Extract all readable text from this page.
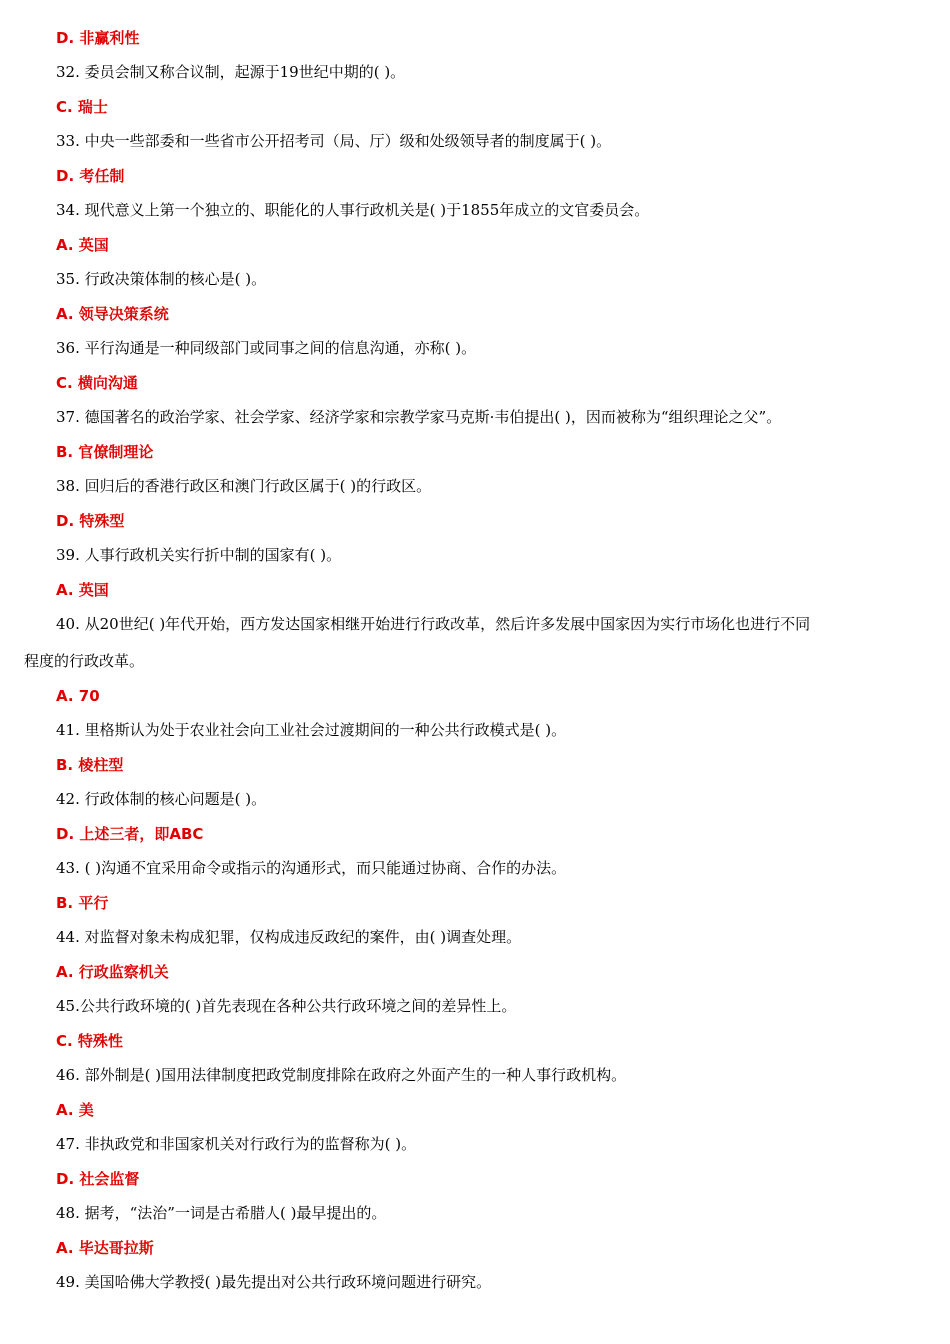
D. 非赢利性
32. 委员会制又称合议制，起源于19世纪中期的( )。
C. 瑞士
33. 中央一些部委和一些省市公开招考司（局、厅）级和处级领导者的制度属于( )。
D. 考任制
34. 现代意义上第一个独立的、职能化的人事行政机关是( )于1855年成立的文官委员会。
A. 英国
35. 行政决策体制的核心是( )。
A. 领导决策系统
36. 平行沟通是一种同级部门或同事之间的信息沟通，亦称( )。
C. 横向沟通
37. 德国著名的政治学家、社会学家、经济学家和宗教学家马克斯·韦伯提出( )，因而被称为“组织理论之父”。
B. 官僚制理论
38. 回归后的香港行政区和澳门行政区属于( )的行政区。
D. 特殊型
39. 人事行政机关实行折中制的国家有( )。
A. 英国
40. 从20世纪( )年代开始，西方发达国家相继开始进行行政改革，然后许多发展中国家因为实行市场化也进行不同
程度的行政改革。
A. 70
41. 里格斯认为处于农业社会向工业社会过渡期间的一种公共行政模式是( )。
B. 棱柱型
42. 行政体制的核心问题是( )。
D. 上述三者，即ABC
43. ( )沟通不宜采用命令或指示的沟通形式，而只能通过协商、合作的办法。
B. 平行
44. 对监督对象未构成犯罪，仅构成违反政纪的案件，由( )调查处理。
A. 行政监察机关
45.公共行政环境的( )首先表现在各种公共行政环境之间的差异性上。
C. 特殊性
46. 部外制是( )国用法律制度把政党制度排除在政府之外面产生的一种人事行政机构。
A. 美
47. 非执政党和非国家机关对行政行为的监督称为( )。
D. 社会监督
48. 据考，“法治”一词是古希腊人( )最早提出的。
A. 毕达哥拉斯
49. 美国哈佛大学教授( )最先提出对公共行政环境问题进行研究。
